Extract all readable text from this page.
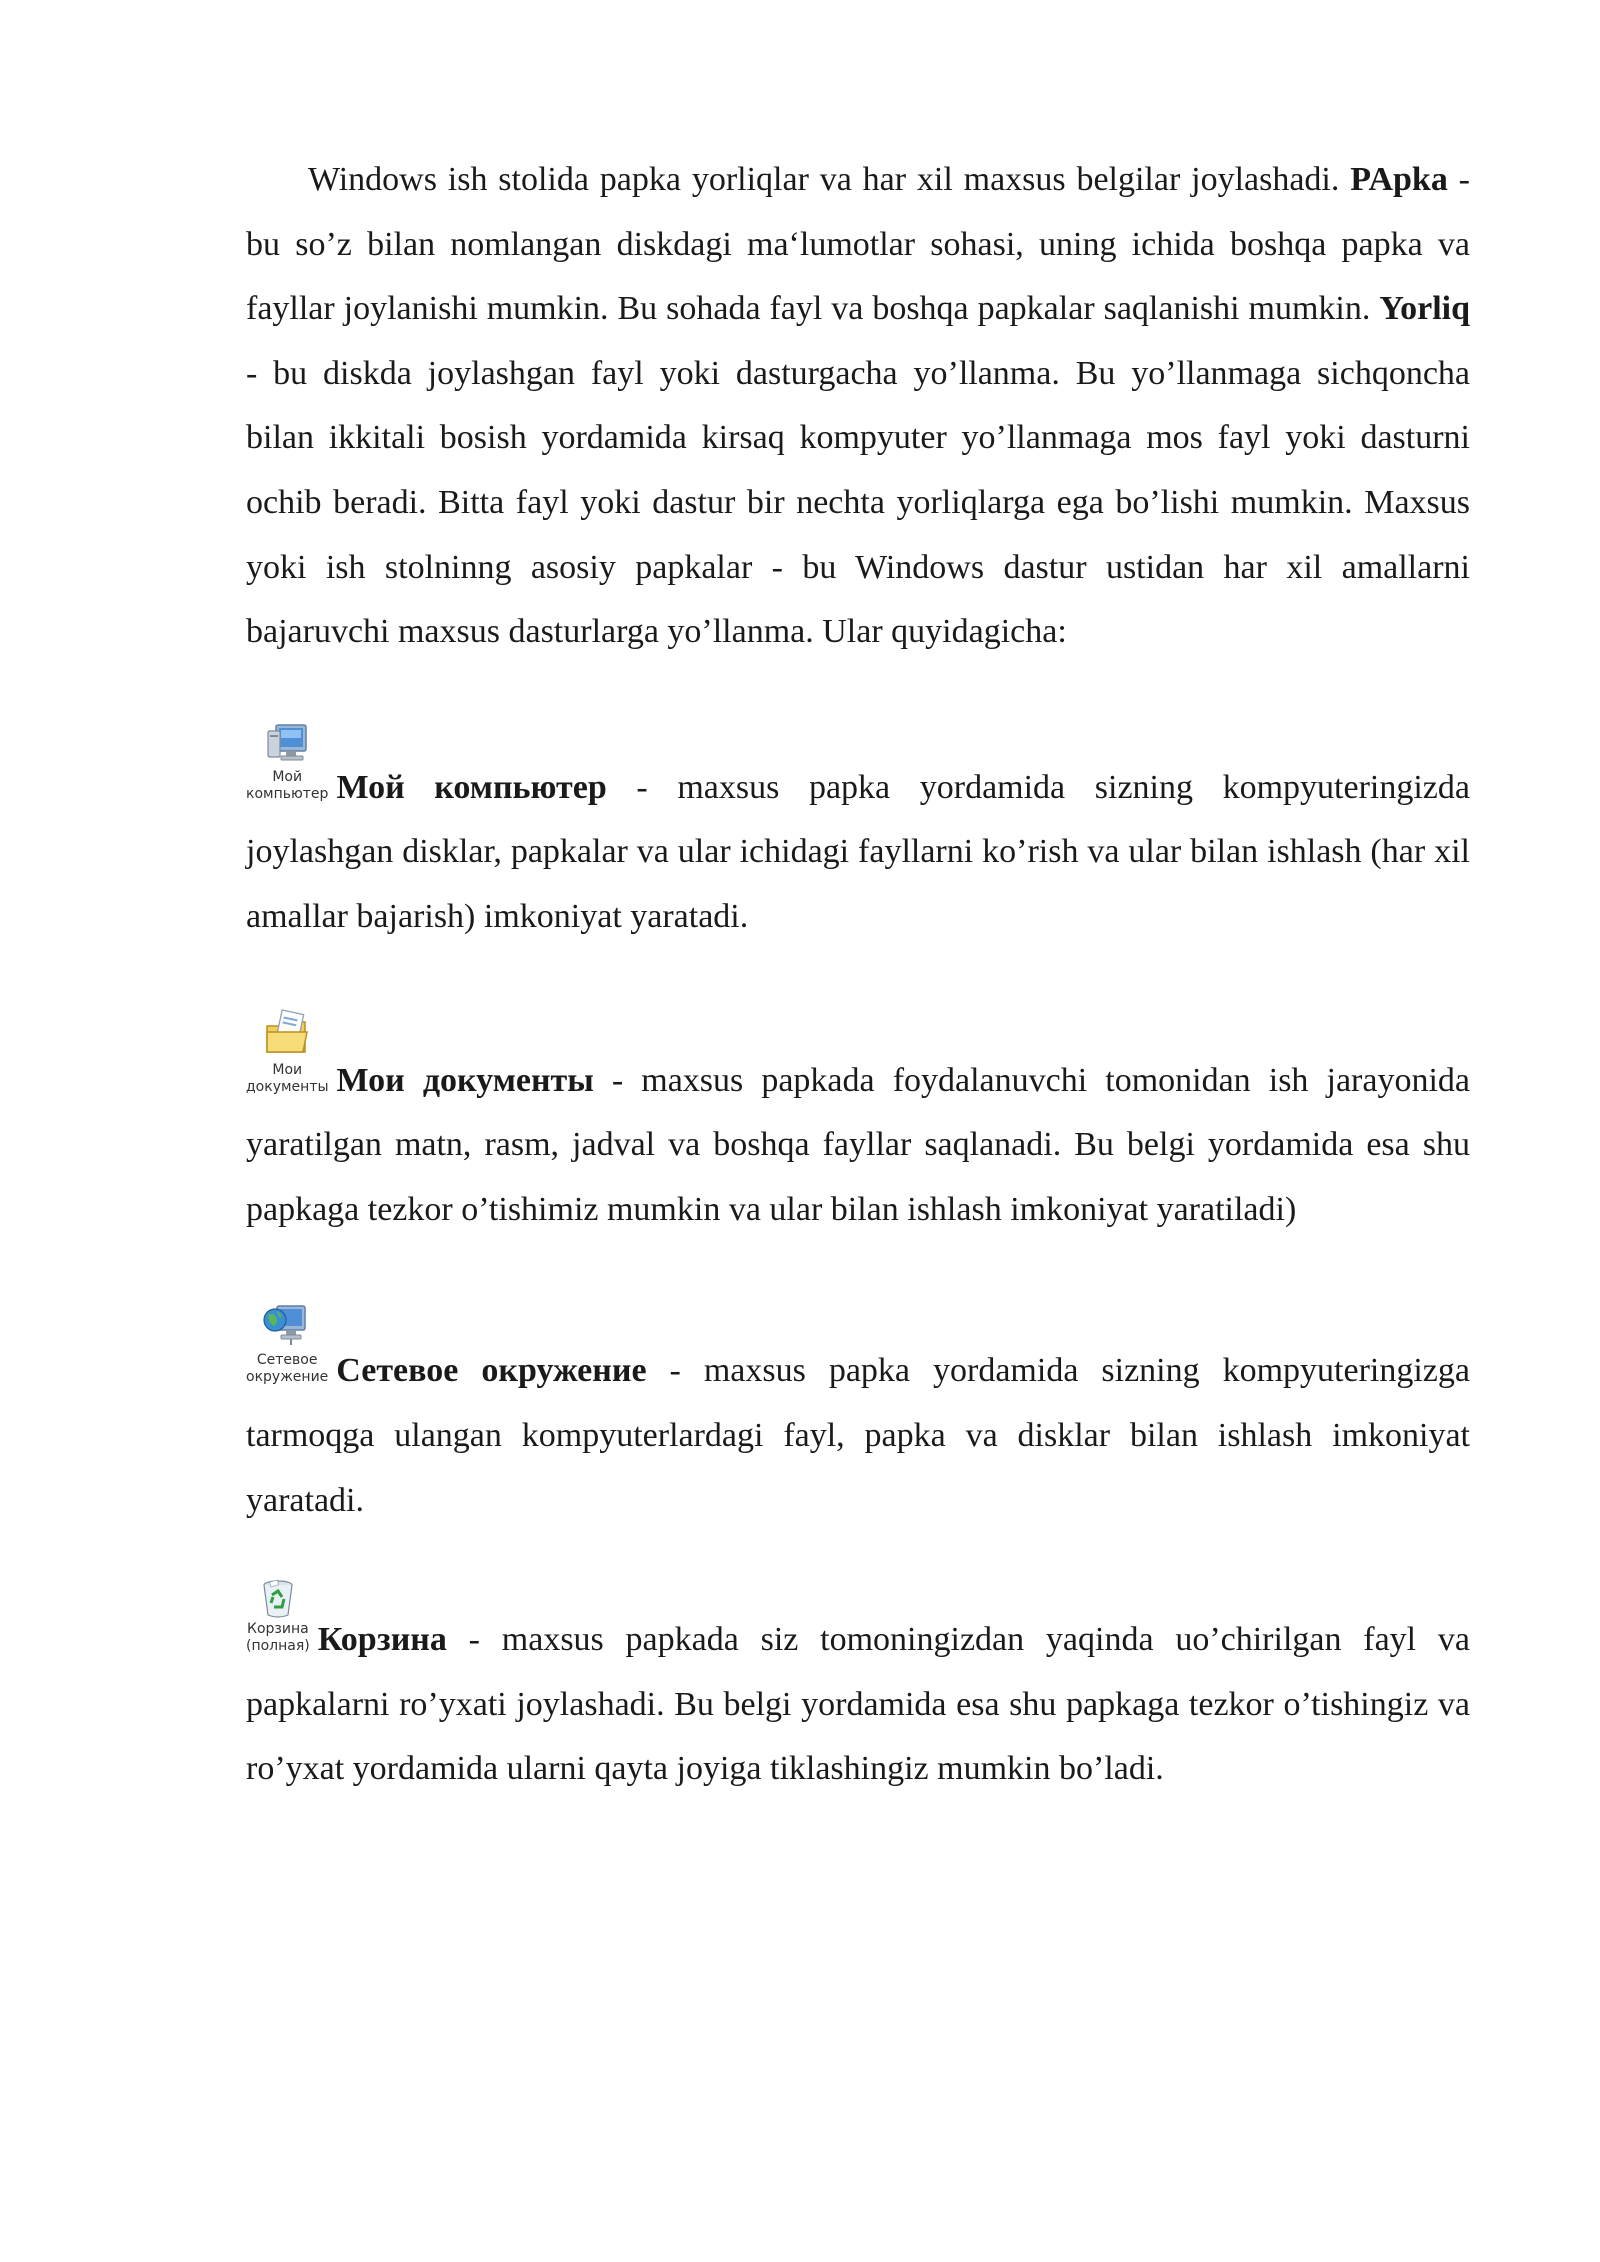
Windows ish stolida papka yorliqlar va har xil maxsus belgilar joylashadi. PApka -bu so’z bilan nomlangan diskdagi ma‘lumotlar sohasi, uning ichida boshqa papka va fayllar joylanishi mumkin. Bu sohada fayl va boshqa papkalar saqlanishi mumkin. Yorliq - bu diskda joylashgan fayl yoki dasturgacha yo’llanma. Bu yo’llanmaga sichqoncha bilan ikkitali bosish yordamida kirsaq kompyuter yo’llanmaga mos fayl yoki dasturni ochib beradi. Bitta fayl yoki dastur bir nechta yorliqlarga ega bo’lishi mumkin. Maxsus yoki ish stolninng asosiy papkalar - bu Windows dastur ustidan har xil amallarni bajaruvchi maxsus dasturlarga yo’llanma. Ular quyidagicha:

Мой
компьютер Мой компьютер - maxsus papka yordamida sizning kompyuteringizda joylashgan disklar, papkalar va ular ichidagi fayllarni ko’rish va ular bilan ishlash (har xil amallar bajarish) imkoniyat yaratadi.

Мои
документы Мои документы - maxsus papkada foydalanuvchi tomonidan ish jarayonida yaratilgan matn, rasm, jadval va boshqa fayllar saqlanadi. Bu belgi yordamida esa shu papkaga tezkor o’tishimiz mumkin va ular bilan ishlash imkoniyat yaratiladi)

Сетевое
окружение Сетевое окружение - maxsus papka yordamida sizning kompyuteringizga tarmoqga ulangan kompyuterlardagi fayl, papka va disklar bilan ishlash imkoniyat yaratadi.

Корзина
(полная) Корзина - maxsus papkada siz tomoningizdan yaqinda uo’chirilgan fayl va papkalarni ro’yxati joylashadi. Bu belgi yordamida esa shu papkaga tezkor o’tishingiz va ro’yxat yordamida ularni qayta joyiga tiklashingiz mumkin bo’ladi.
